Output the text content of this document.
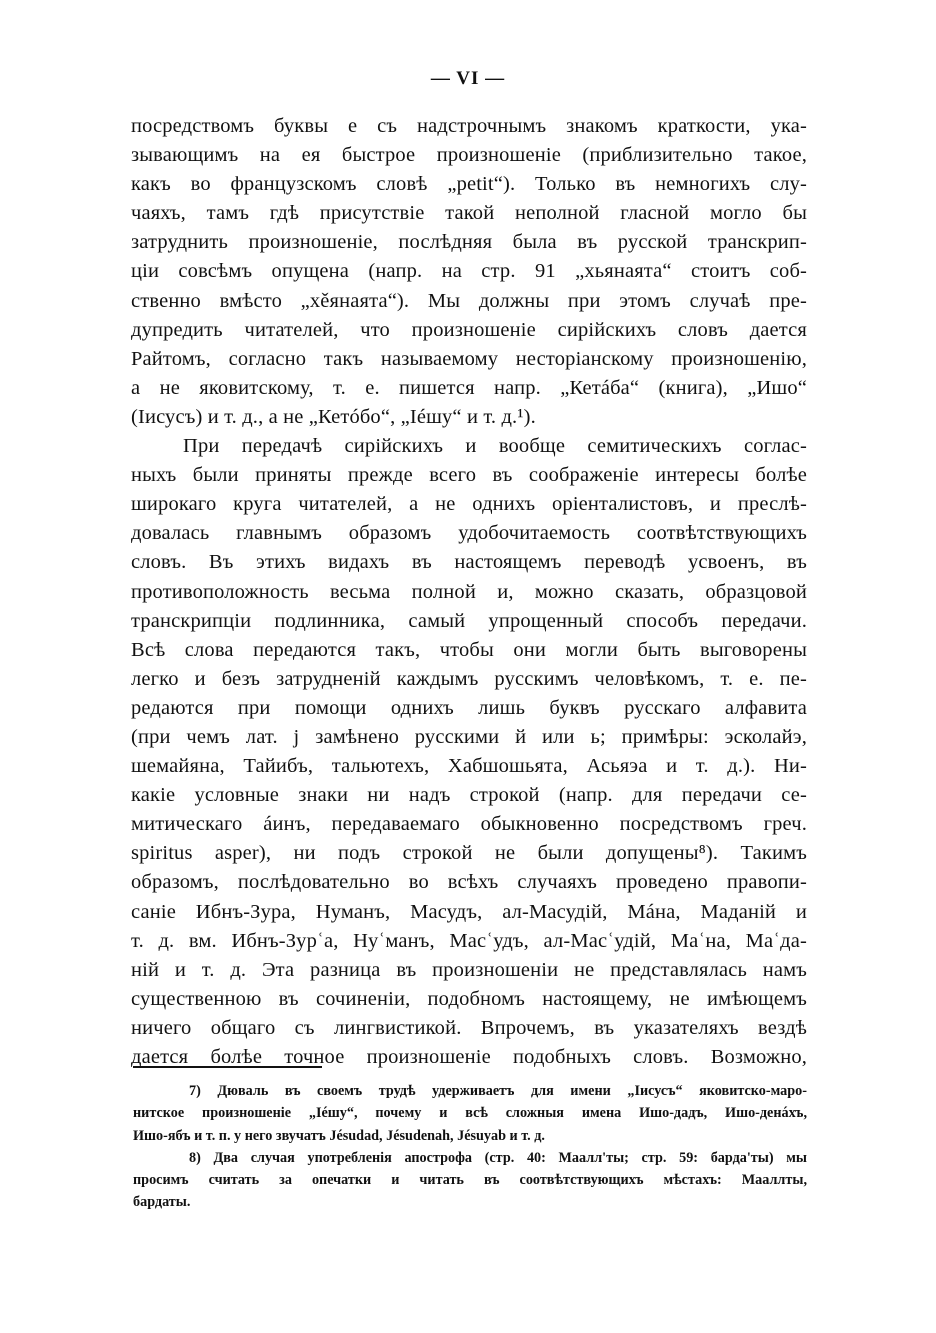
— VI —
посредствомъ буквы е съ надстрочнымъ знакомъ краткости, ука-
зывающимъ на ея быстрое произношеніе (приблизительно такое,
какъ во французскомъ словѣ „petit“). Только въ немногихъ слу-
чаяхъ, тамъ гдѣ присутствіе такой неполной гласной могло бы
затруднить произношеніе, послѣдняя была въ русской транскрип-
ціи совсѣмъ опущена (напр. на стр. 91 „хьянаята“ стоитъ соб-
ственно вмѣсто „хěянаята“). Мы должны при этомъ случаѣ пре-
дупредить читателей, что произношеніе сирійскихъ словъ дается
Райтомъ, согласно такъ называемому несторіанскому произношенію,
а не яковитскому, т. е. пишется напр. „Кетáба“ (книга), „Ишо“
(Іисусъ) и т. д., а не „Кетóбо“, „Іéшу“ и т. д.¹).
При передачѣ сирійскихъ и вообще семитическихъ соглас-
ныхъ были приняты прежде всего въ соображеніе интересы болѣе
широкаго круга читателей, а не однихъ оріенталистовъ, и преслѣ-
довалась главнымъ образомъ удобочитаемость соотвѣтствующихъ
словъ. Въ этихъ видахъ въ настоящемъ переводѣ усвоенъ, въ
противоположность весьма полной и, можно сказать, образцовой
транскрипціи подлинника, самый упрощенный способъ передачи.
Всѣ слова передаются такъ, чтобы они могли быть выговорены
легко и безъ затрудненій каждымъ русскимъ человѣкомъ, т. е. пе-
редаются при помощи однихъ лишь буквъ русскаго алфавита
(при чемъ лат. j замѣнено русскими й или ь; примѣры: эсколайэ,
шемайяна, Тайибъ, тальютехъ, Хабшошьята, Асьяэа и т. д.). Ни-
какіе условные знаки ни надъ строкой (напр. для передачи се-
митическаго áинъ, передаваемаго обыкновенно посредствомъ греч.
spiritus asper), ни подъ строкой не были допущены⁸). Такимъ
образомъ, послѣдовательно во всѣхъ случаяхъ проведено правопи-
саніе Ибнъ-Зура, Нуманъ, Масудъ, ал-Масудій, Мáна, Маданій и
т. д. вм. Ибнъ-Зурʿа, Нуʿманъ, Масʿудъ, ал-Масʿудій, Маʿна, Маʿда-
ній и т. д. Эта разница въ произношеніи не представлялась намъ
существенною въ сочиненіи, подобномъ настоящему, не имѣющемъ
ничего общаго съ лингвистикой. Впрочемъ, въ указателяхъ вездѣ
дается болѣе точное произношеніе подобныхъ словъ. Возможно,
7) Дюваль въ своемъ трудѣ удерживаетъ для имени „Іисусъ“ яковитско-маро-
нитское произношеніе „Іéшу“, почему и всѣ сложныя имена Ишо-дадъ, Ишо-денáхъ,
Ишо-ябъ и т. п. у него звучатъ Jésudad, Jésudenah, Jésuyab и т. д.
8) Два случая употребленія апострофа (стр. 40: Маалл'ты; стр. 59: барда'ты) мы
просимъ считать за опечатки и читать въ соотвѣтствующихъ мѣстахъ: Мааллты,
бардаты.
